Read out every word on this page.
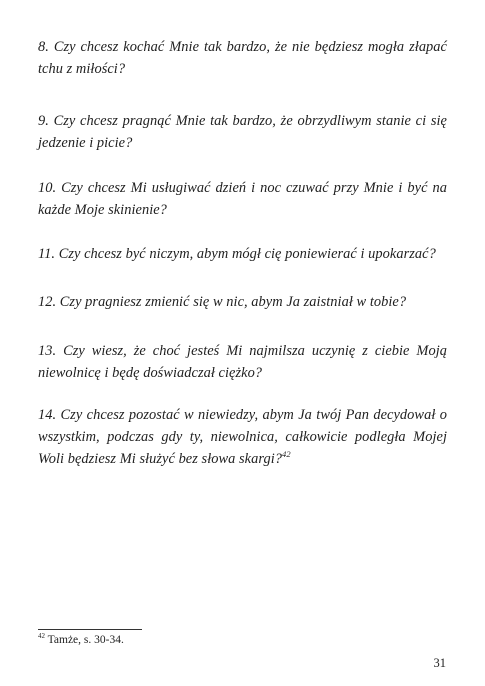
8. Czy chcesz kochać Mnie tak bardzo, że nie będziesz mogła złapać tchu z miłości?

9. Czy chcesz pragnąć Mnie tak bardzo, że obrzydliwym stanie ci się jedzenie i picie?

10. Czy chcesz Mi usługiwać dzień i noc czuwać przy Mnie i być na każde Moje skinienie?

11. Czy chcesz być niczym, abym mógł cię poniewierać i upokarzać?

12. Czy pragniesz zmienić się w nic, abym Ja zaistniał w tobie?

13. Czy wiesz, że choć jesteś Mi najmilsza uczynię z ciebie Moją niewolnicę i będę doświadczał ciężko?

14. Czy chcesz pozostać w niewiedzy, abym Ja twój Pan decydował o wszystkim, podczas gdy ty, niewolnica, całkowicie podległa Mojej Woli będziesz Mi służyć bez słowa skargi?$^{42}$

$^{42}$ Tamże, s. 30-34.

31
